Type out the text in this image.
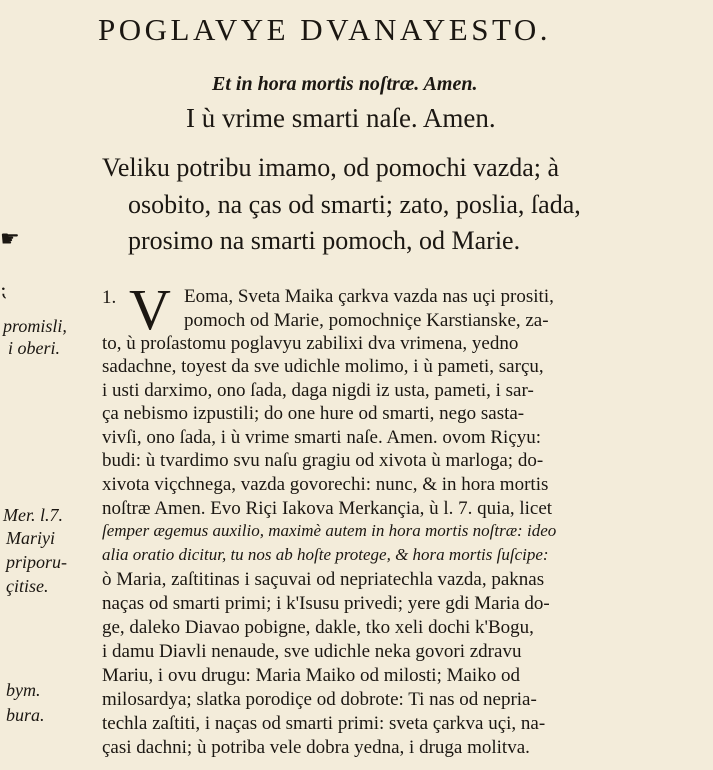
POGLAVYE DVANAYESTO.
Et in hora mortis noſtræ. Amen.
I ù vrime smarti naſe. Amen.
Veliku potribu imamo, od pomochi vazda; à
osobito, na ças od smarti; zato, poslia, ſada,
prosimo na smarti pomoch, od Marie.
☛
⁏
promisli,
i oberi.
Mer. l.7.
Mariyi
priporu-
çitise.
bym.
bura.
1. V Eoma, Sveta Maika çarkva vazda nas uçi prositi,
pomoch od Marie, pomochniçe Karstianske, za-
to, ù proſastomu poglavyu zabilixi dva vrimena, yedno
sadachne, toyest da sve udichle molimo, i ù pameti, sarçu,
i usti darximo, ono ſada, daga nigdi iz usta, pameti, i sar-
ça nebismo izpustili; do one hure od smarti, nego sasta-
vivſi, ono ſada, i ù vrime smarti naſe. Amen. ovom Riçyu:
budi: ù tvardimo svu naſu gragiu od xivota ù marloga; do-
xivota viçchnega, vazda govorechi: nunc, & in hora mortis
noſtræ Amen. Evo Riçi Iakova Merkançia, ù l. 7. quia, licet
ſemper ægemus auxilio, maximè autem in hora mortis noſtræ: ideo
alia oratio dicitur, tu nos ab hoſte protege, & hora mortis ſuſcipe:
ò Maria, zaſtitinas i saçuvai od nepriatechla vazda, paknas
naças od smarti primi; i k'Isusu privedi; yere gdi Maria do-
ge, daleko Diavao pobigne, dakle, tko xeli dochi k'Bogu,
i damu Diavli nenaude, sve udichle neka govori zdravu
Mariu, i ovu drugu: Maria Maiko od milosti; Maiko od
milosardya; slatka porodiçe od dobrote: Ti nas od nepria-
techla zaſtiti, i naças od smarti primi: sveta çarkva uçi, na-
çasi dachni; ù potriba vele dobra yedna, i druga molitva.
